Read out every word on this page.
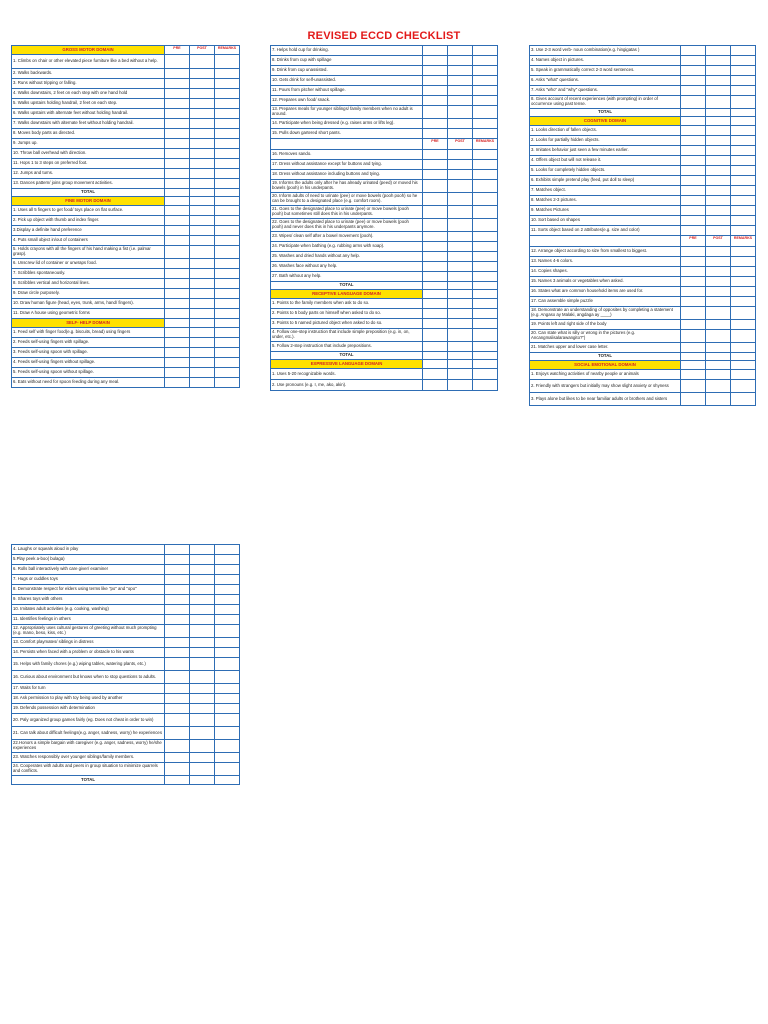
REVISED ECCD CHECKLIST
GROSS MOTOR DOMAIN	PRE	POST	REMARKS
1. Climbs on chair or other elevated piece furniture like a bed without a help.			
2. Walks backwards.			
3. Runs without tripping or falling.			
4. Walks downstairs, 2 feet on each step with one hand hold			
5. Walks upstairs holding handrail, 2 feet on each step.			
6. Walks upstairs with alternate feet without holding handrail.			
7. Walks downstairs with alternate feet without holding handrail.			
8. Moves body parts as directed.			
9. Jumps up.			
10. Throw ball overhead with direction.			
11. Hops 1 to 3 steps on preferred foot.			
12. Jumps and turns.			
13. Dances pattern/ joins group movement activities.			
TOTAL			
FINE MOTOR DOMAIN			
1. Uses all 5 fingers to get food/ toys place on flat surface.			
2. Pick up object with thumb and index finger.			
3.Display a definite hand preference			
4. Puts small object in/out of containers			
5. Holds crayons with all the fingers of his hand making a fist (i.e. palmar grasp).			
6. Unscrew lid of container or unwraps food.			
7. Scribbles spontaneously.			
8. Scribbles vertical and horizontal lines.			
9. Draw circle purposely.			
10. Draw human figure (head, eyes, trunk, arms, hand/ fingers).			
11. Draw A house using geometric forms			
SELF- HELP DOMAIN			
1. Feed self with finger food(e.g. biscuits, bread) using fingers			
2. Feeds self-using fingers with spillage.			
3. Feeds self-using spoon with spillage.			
4. Feeds self-using fingers without spillage.			
5. Feeds self-using spoon without spillage.			
6. Eats without need for spoon feeding during any meal.			
7. Helps hold cup for drinking.			
8. Drinks from cup with spillage			
9. Drink from cup unassisted.			
10. Gets drink for self-unassisted.			
11. Pours from pitcher without spillage.			
12. Prepares own food/ snack.			
13. Prepares meals for younger siblings/ family members when no adult is around.			
14. Participate when being dressed (e.g. raises arms or lifts leg).			
15. Pulls down gartered short pants.			
	PRE	POST	REMARKS
16. Removes sando.			
17. Dress without assistance except for buttons and tying.			
18. Dress without assistance including buttons and tying.			
19. Informs the adults only after he has already urinated (peed) or moved his bowels (pooh) in his underpants.			
20. Inform adults of need to urinate (pee) or move bowels (pooh pooh) so he can be brought to a designated place (e.g. comfort room).			
21. Goes to the designated place to urinate (pee) or move bowels (pooh pooh) but sometimes still does this in his underpants.			
22. Goes to the designated place to urinate (pee) or move bowels (pooh pooh) and never does this in his underpants anymore.			
23. Wipes/ clean self after a bowel movement (pooh).			
24. Participate when bathing (e.g. rubbing arms with soap).			
25. Washes and dried hands without any help.			
26. Washes face without any help.			
27. Bath without any help.			
TOTAL			
RECEPTIVE LANGUAGE DOMAIN			
1. Points to the family members when ask to do so.			
2. Points to 5 body parts on himself when asked to do so.			
3. Points to 5 named pictured object when asked to do so.			
4. Follow one-step instruction that include simple preposition (e.g. in, on, under, etc.).			
5. Follow 2-step instruction that include prepositions.			
TOTAL			
EXPRESSIVE LANGUAGE DOMAIN			
1. Uses 5-20 recognizable words.			
2. Use pronouns (e.g. I, me, ako, akin).			
3. Use 2-3 word verb- noun combination(e.g. hingigatas )			
4. Names object in pictures.			
5. Speak in grammatically correct 2-3 word sentences.			
6. Asks "what" questions.			
7. Asks "who" and "why" questions.			
8. Gives account of recent experiences (with prompting) in order of occurrence using past tense.			
TOTAL			
COGNITIVE DOMAIN			
1. Looks direction of fallen objects.			
2. Looks for partially hidden objects.			
3. Imitates behavior just seen a few minutes earlier.			
4. Offers object but will not release it.			
5. Looks for completely hidden objects.			
6. Exhibits simple pretend play (feed, put doll to sleep)			
7. Matches object.			
8. Matches 2-3 pictures.			
9. Matches Pictures			
10. Sort based on shapes			
11. Sorts object based on 2 attributes(e.g. size and color)			
	PRE	POST	REMARKS
12. Arrange object according to size from smallest to biggest.			
13. Names 4-6 colors.			
14. Copies shapes.			
15. Names 3 animals or vegetables when asked.			
16. States what are common household items are used for.			
17. Can assemble simple puzzle			
18. Demonstrate an understanding of opposites by completing a statement (e.g. Angaso ay Malaki, angdaga ay ____)			
19. Points left and right side of the body			
20. Can state what is silly or wrong in the pictures (e.g. Ancangmalisalarawangito?")			
21. Matches upper and lower case letter.			
TOTAL			
SOCIAL EMOTIONAL DOMAIN			
1. Enjoys watching activities of nearby people or animals			
2. Friendly with strangers but initially may show slight anxiety or shyness			
3. Plays alone but likes to be near familiar adults or brothers and sisters			
4. Laughs or squeals aloud in play			
5.Play peek a-boo( bulaga)			
6. Rolls ball interactively with care giver/ examiner			
7. Hugs or cuddles toys			
8. Demonstrate respect for elders using terms like "po" and "opo"			
9. Shares toys with others			
10. Imitates adult activities (e.g. cooking, washing)			
11. Identifies feelings in others			
12. Appropriately uses cultural gestures of greeting without much prompting (e.g. mano, beso, kiss, etc.)			
13. Comfort playmates/ siblings in distress			
14. Persists when faced with a problem or obstacle to his wants			
15. Helps with family chores (e.g.) wiping tables, watering plants, etc.)			
16. Curious about environment but knows when to stop questions to adults.			
17. Waits for turn			
18. Ask permission to play with toy being used by another			
19. Defends possession with determination			
20. Paly organized group games fairly (eg. Does not cheat in order to win)			
21. Can talk about difficult feelings(e.g. anger, sadness, worry) he experiences			
22.Honors a simple bargain with caregiver (e.g. anger, sadness, worry) he/she experiences			
23. Watches responsibly over younger siblings/family members.			
24. Cooperates with adults and peers in group situation to minimize quarrels and conflicts.			
TOTAL			
